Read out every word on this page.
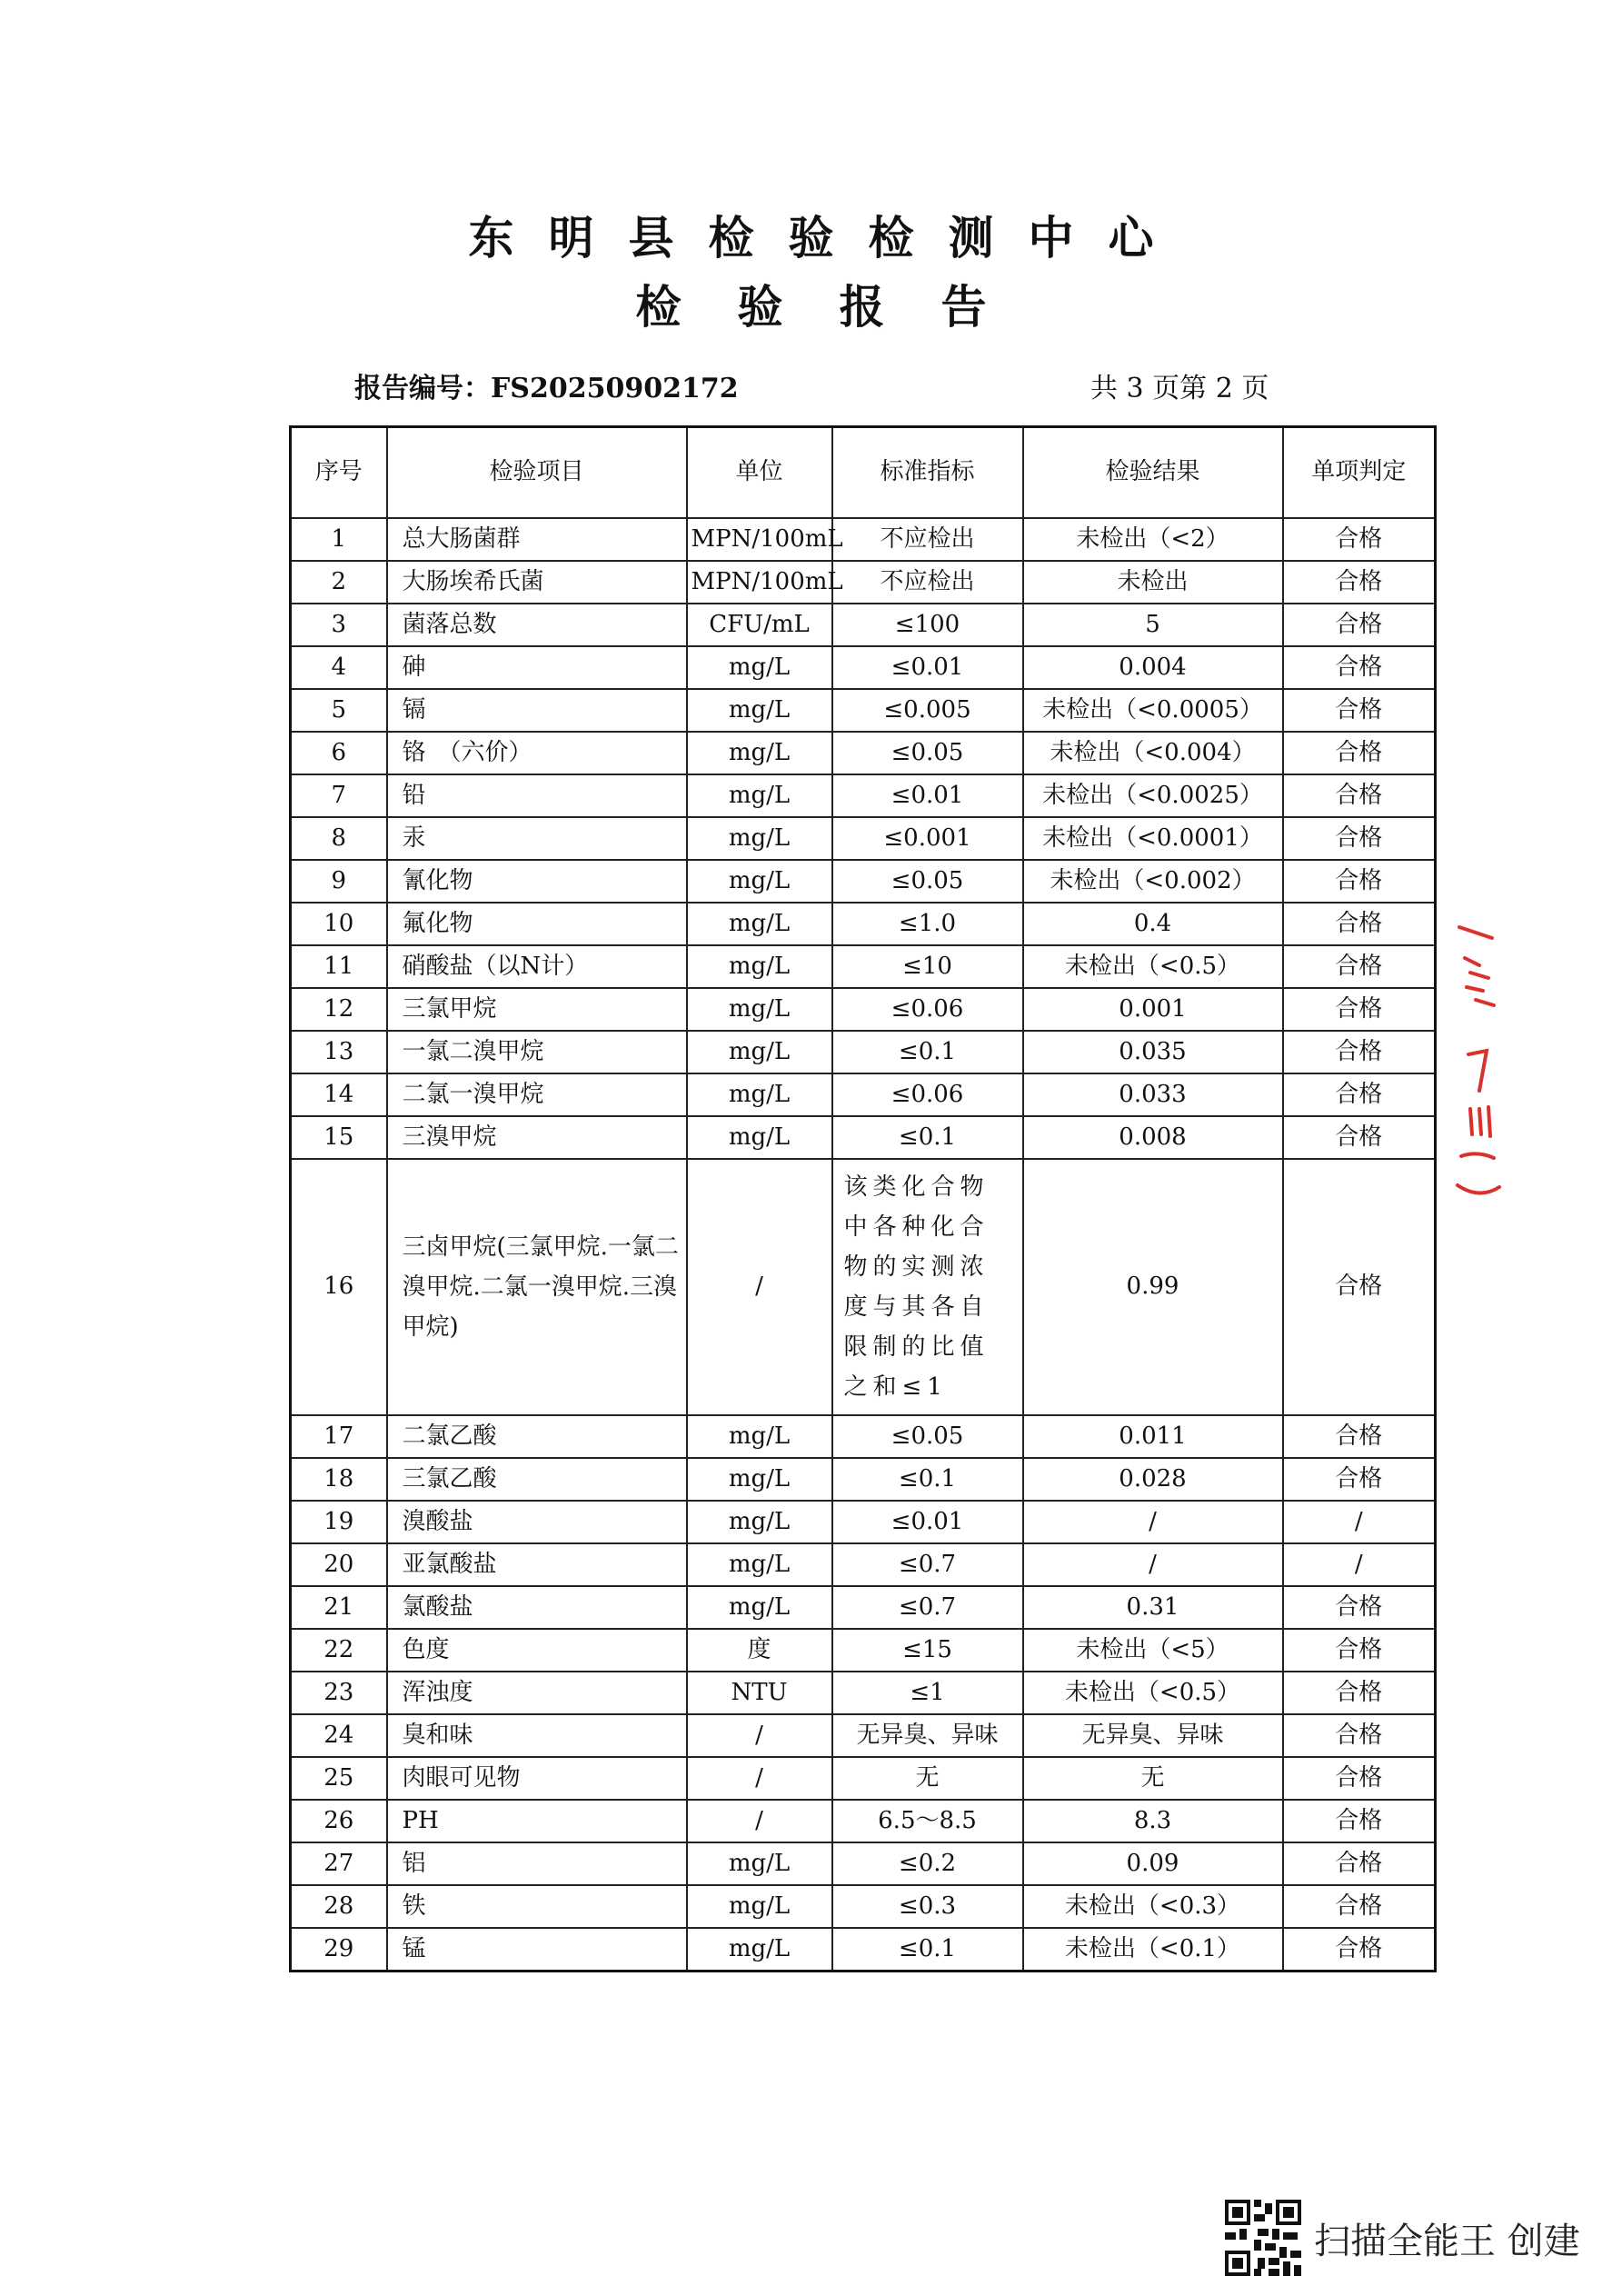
东明县检验检测中心
检验报告
报告编号：FS20250902172	共 3 页第 2 页
序号	检验项目	单位	标准指标	检验结果	单项判定
1	总大肠菌群	MPN/100mL	不应检出	未检出（<2）	合格
2	大肠埃希氏菌	MPN/100mL	不应检出	未检出	合格
3	菌落总数	CFU/mL	≤100	5	合格
4	砷	mg/L	≤0.01	0.004	合格
5	镉	mg/L	≤0.005	未检出（<0.0005）	合格
6	铬　（六价）	mg/L	≤0.05	未检出（<0.004）	合格
7	铅	mg/L	≤0.01	未检出（<0.0025）	合格
8	汞	mg/L	≤0.001	未检出（<0.0001）	合格
9	氰化物	mg/L	≤0.05	未检出（<0.002）	合格
10	氟化物	mg/L	≤1.0	0.4	合格
11	硝酸盐（以N计）	mg/L	≤10	未检出（<0.5）	合格
12	三氯甲烷	mg/L	≤0.06	0.001	合格
13	一氯二溴甲烷	mg/L	≤0.1	0.035	合格
14	二氯一溴甲烷	mg/L	≤0.06	0.033	合格
15	三溴甲烷	mg/L	≤0.1	0.008	合格
16	三卤甲烷(三氯甲烷.一氯二溴甲烷.二氯一溴甲烷.三溴甲烷)	/	该类化合物中各种化合物的实测浓度与其各自限制的比值之和≤1	0.99	合格
17	二氯乙酸	mg/L	≤0.05	0.011	合格
18	三氯乙酸	mg/L	≤0.1	0.028	合格
19	溴酸盐	mg/L	≤0.01	/	/
20	亚氯酸盐	mg/L	≤0.7	/	/
21	氯酸盐	mg/L	≤0.7	0.31	合格
22	色度	度	≤15	未检出（<5）	合格
23	浑浊度	NTU	≤1	未检出（<0.5）	合格
24	臭和味	/	无异臭、异味	无异臭、异味	合格
25	肉眼可见物	/	无	无	合格
26	PH	/	6.5～8.5	8.3	合格
27	铝	mg/L	≤0.2	0.09	合格
28	铁	mg/L	≤0.3	未检出（<0.3）	合格
29	锰	mg/L	≤0.1	未检出（<0.1）	合格
扫描全能王 创建
